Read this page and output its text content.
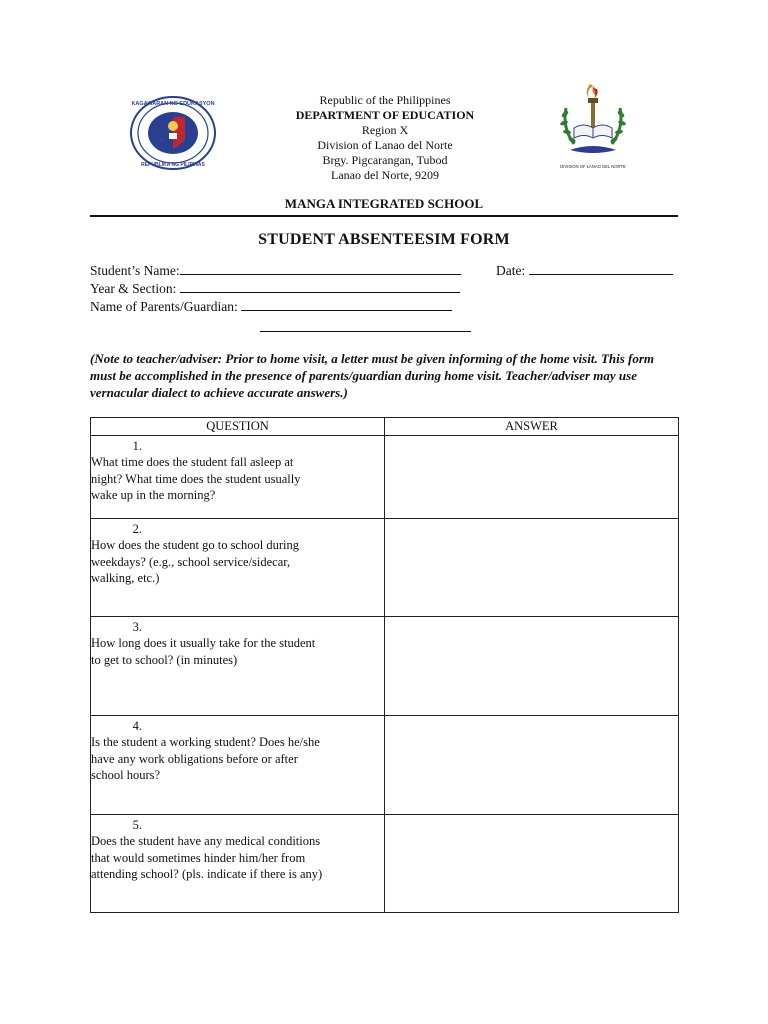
KAGAWARAN NG EDUKASYON
REPUBLIKA NG PILIPINAS
Republic of the Philippines
DEPARTMENT OF EDUCATION
Region X
Division of Lanao del Norte
Brgy. Pigcarangan, Tubod
Lanao del Norte, 9209
DIVISION OF LANAO DEL NORTE
MANGA INTEGRATED SCHOOL
STUDENT ABSENTEESIM FORM
Student’s Name:	Date:
Year & Section:
Name of Parents/Guardian:
(Note to teacher/adviser: Prior to home visit, a letter must be given informing of the home visit. This form must be accomplished in the presence of parents/guardian during home visit. Teacher/adviser may use vernacular dialect to achieve accurate answers.)
QUESTION	ANSWER
1.   What time does the student fall asleep at night? What time does the student usually wake up in the morning?	
2.   How does the student go to school during weekdays? (e.g., school service/sidecar, walking, etc.)	
3.   How long does it usually take for the student to get to school? (in minutes)	
4.   Is the student a working student? Does he/she have any work obligations before or after school hours?	
5.   Does the student have any medical conditions that would sometimes hinder him/her from attending school? (pls. indicate if there is any)	
